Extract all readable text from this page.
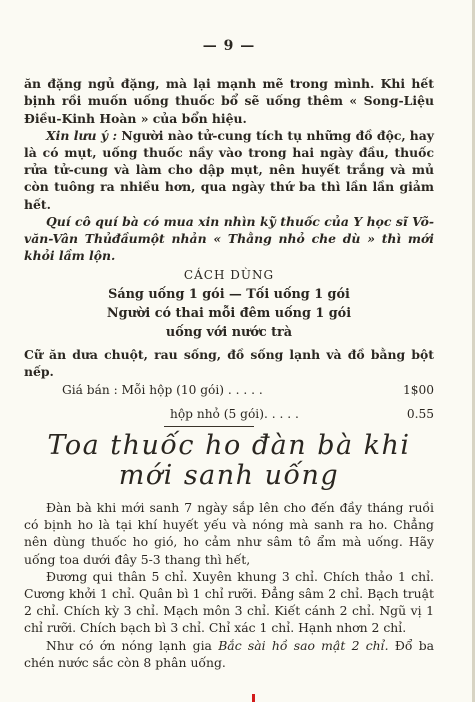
— 9 —

ăn đặng ngủ đặng, mà lại mạnh mẽ trong mình. Khi hết bịnh rồi muốn uống thuốc bổ sẽ uống thêm « Song-Liệu Điều-Kinh Hoàn » của bổn hiệu.

Xin lưu ý : Người nào tử-cung tích tụ những đồ độc, hay là có mụt, uống thuốc nầy vào trong hai ngày đầu, thuốc rửa tử-cung và làm cho dập mụt, nên huyết trắng và mủ còn tuông ra nhiều hơn, qua ngày thứ ba thì lần lần giảm hết.

Quí cô quí bà có mua xin nhìn kỹ thuốc của Y học sĩ Võ-văn-Vân Thủđầumột nhản « Thằng nhỏ che dù » thì mới khỏi lầm lộn.

CÁCH DÙNG
Sáng uống 1 gói — Tối uống 1 gói
Người có thai mỗi đêm uống 1 gói
uống với nước trà

Cữ ăn dưa chuột, rau sống, đồ sống lạnh và đồ bằng bột nếp.

Giá bán : Mỗi hộp (10 gói) . . . . .	1$00
hộp nhỏ (5 gói). . . . .	0.55
Toa thuốc ho đàn bà khi
mới sanh uống

Đàn bà khi mới sanh 7 ngày sắp lên cho đến đầy tháng ruồi có bịnh ho là tại khí huyết yếu và nóng mà sanh ra ho. Chẳng nên dùng thuốc ho gió, ho cảm như sâm tô ẩm mà uống. Hãy uống toa dưới đây 5-3 thang thì hết,

Đương qui thân 5 chỉ. Xuyên khung 3 chỉ. Chích thảo 1 chỉ. Cương khởi 1 chỉ. Quân bì 1 chỉ rưỡi. Đẳng sâm 2 chỉ. Bạch truật 2 chỉ. Chích kỳ 3 chỉ. Mạch môn 3 chỉ. Kiết cánh 2 chỉ. Ngũ vị 1 chỉ rưỡi. Chích bạch bì 3 chỉ. Chỉ xác 1 chỉ. Hạnh nhơn 2 chỉ.

Như có ớn nóng lạnh gia Bắc sài hồ sao mật 2 chỉ. Đổ ba chén nước sắc còn 8 phân uống.
